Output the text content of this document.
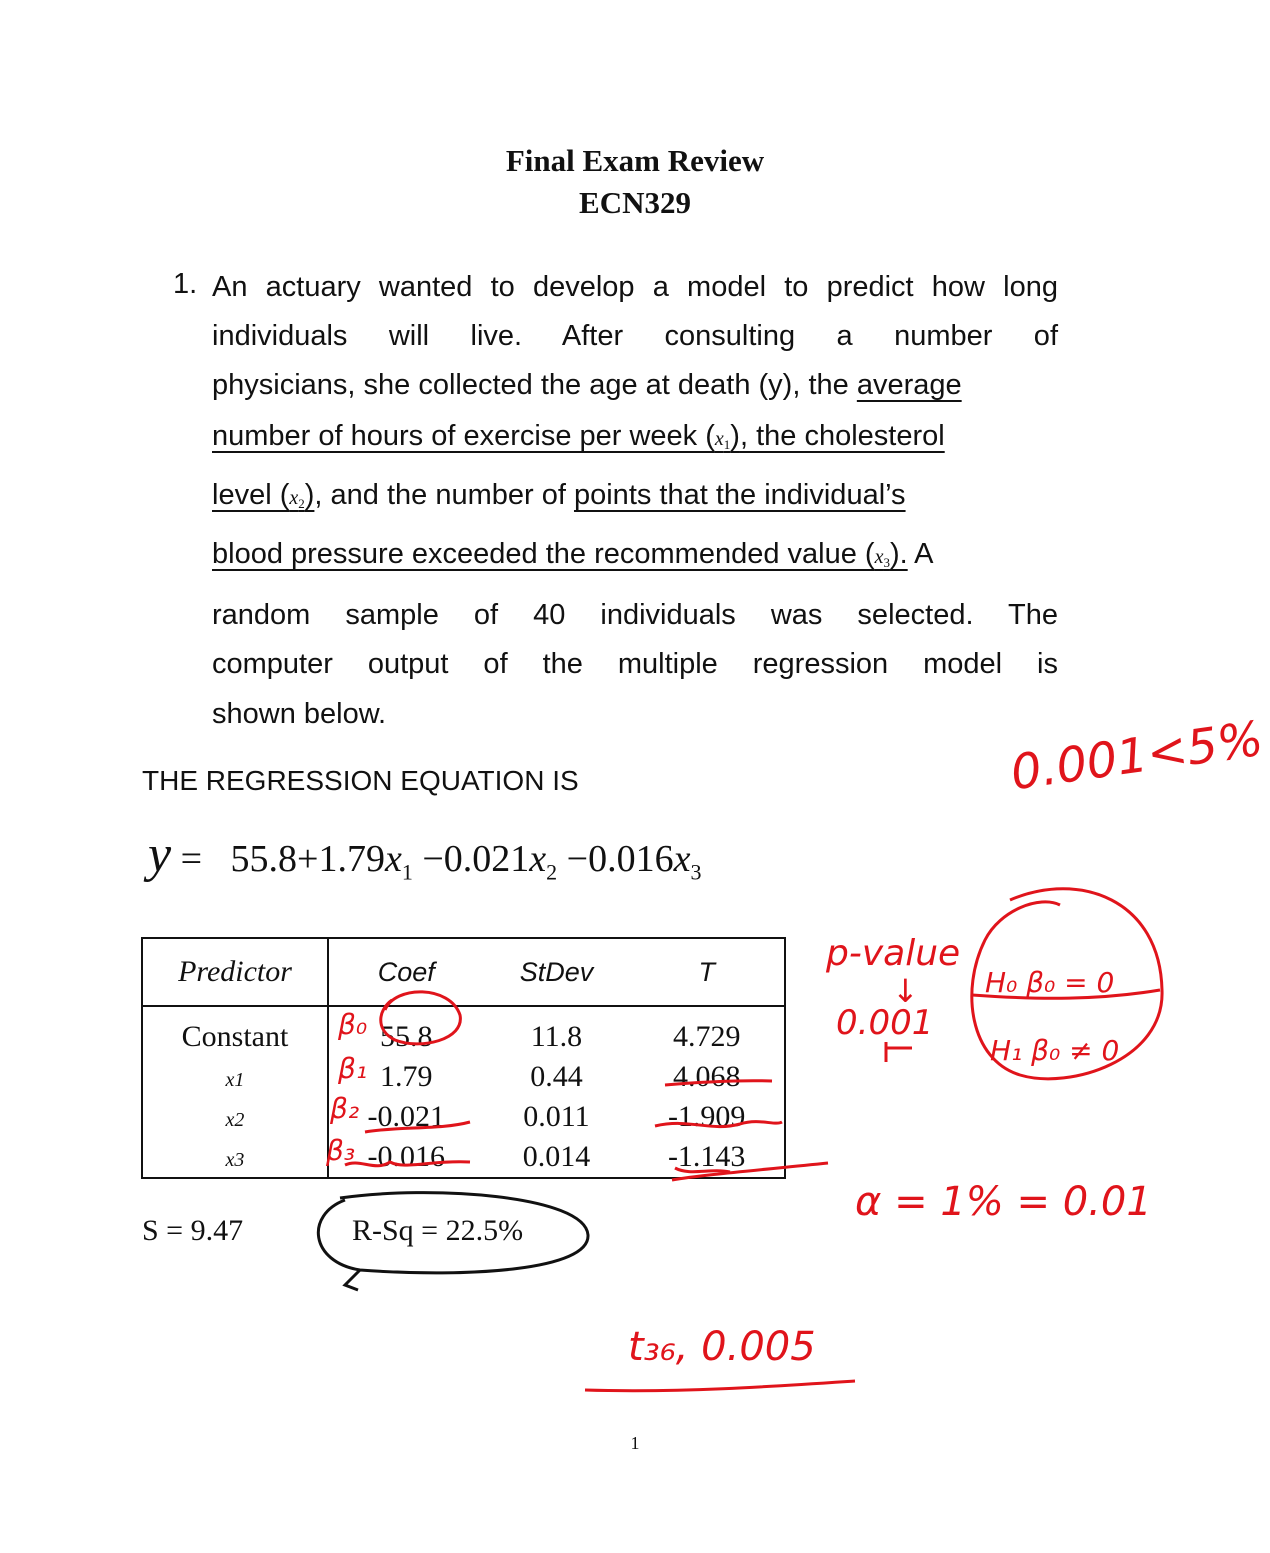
Final Exam Review
ECN329
1. An actuary wanted to develop a model to predict how long
individuals will live. After consulting a number of
physicians, she collected the age at death (y), the average
number of hours of exercise per week $(x_1)$, the cholesterol
level $(x_2)$, and the number of points that the individual’s
blood pressure exceeded the recommended value $(x_3)$. A
random sample of 40 individuals was selected. The
computer output of the multiple regression model is
shown below.
THE REGRESSION EQUATION IS
$y = 55.8+1.79x_1 -0.021x_2 -0.016x_3$
Predictor	Coef	StDev	T
Constant	55.8	11.8	4.729
x1	1.79	0.44	4.068
x2	-0.021	0.011	-1.909
x3	-0.016	0.014	-1.143
S = 9.47	R-Sq = 22.5%
β₀
β₁
β₂
β₃
0.001<5%
p-value
↓
0.001
H₀ β₀ = 0
H₁ β₀ ≠ 0
α = 1% = 0.01
t₃₆, 0.005
1
